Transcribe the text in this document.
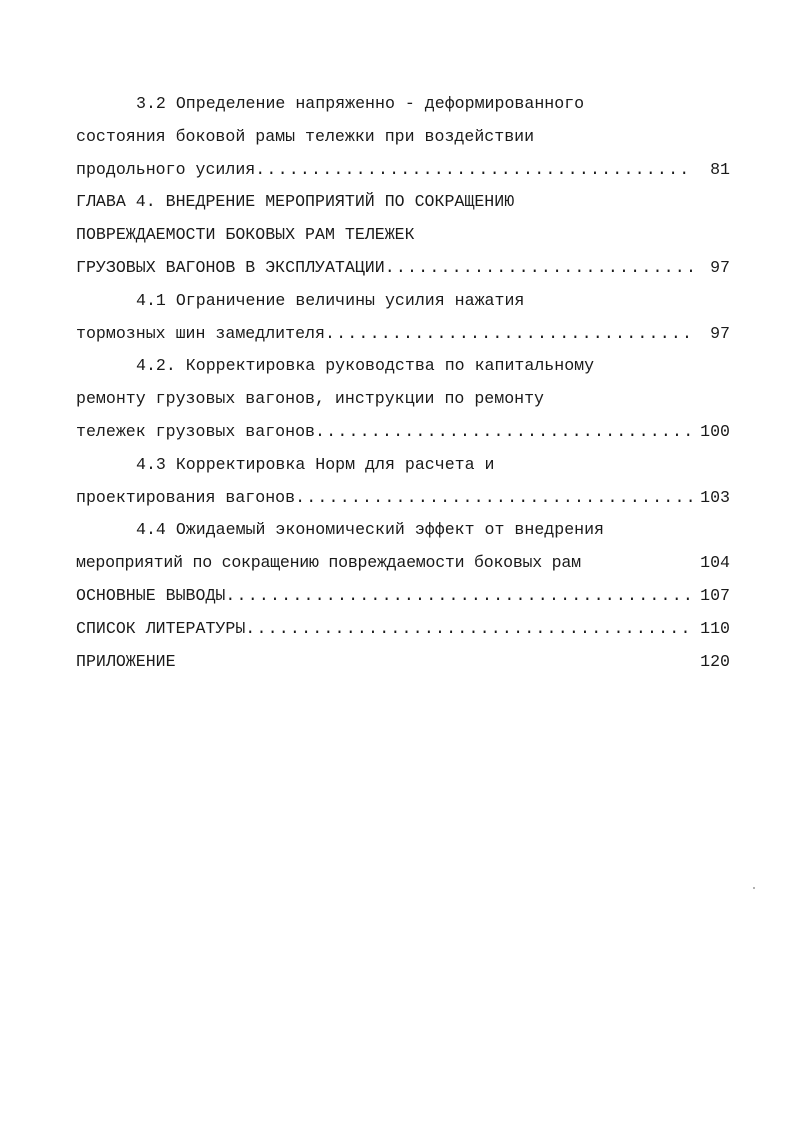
3.2 Определение напряженно - деформированного
состояния боковой рамы тележки при воздействии
продольного усилия .....	81
ГЛАВА 4. ВНЕДРЕНИЕ МЕРОПРИЯТИЙ ПО СОКРАЩЕНИЮ
ПОВРЕЖДАЕМОСТИ БОКОВЫХ РАМ ТЕЛЕЖЕК
ГРУЗОВЫХ ВАГОНОВ В ЭКСПЛУАТАЦИИ .....	97
4.1 Ограничение величины усилия нажатия
тормозных шин замедлителя .....	97
4.2. Корректировка руководства по капитальному
ремонту грузовых вагонов, инструкции по ремонту
тележек грузовых вагонов .....	100
4.3 Корректировка Норм для расчета и
проектирования вагонов .....	103
4.4 Ожидаемый экономический эффект от внедрения
мероприятий по сокращению повреждаемости боковых рам	104
ОСНОВНЫЕ ВЫВОДЫ .....	107
СПИСОК ЛИТЕРАТУРЫ .....	110
ПРИЛОЖЕНИЕ	120
